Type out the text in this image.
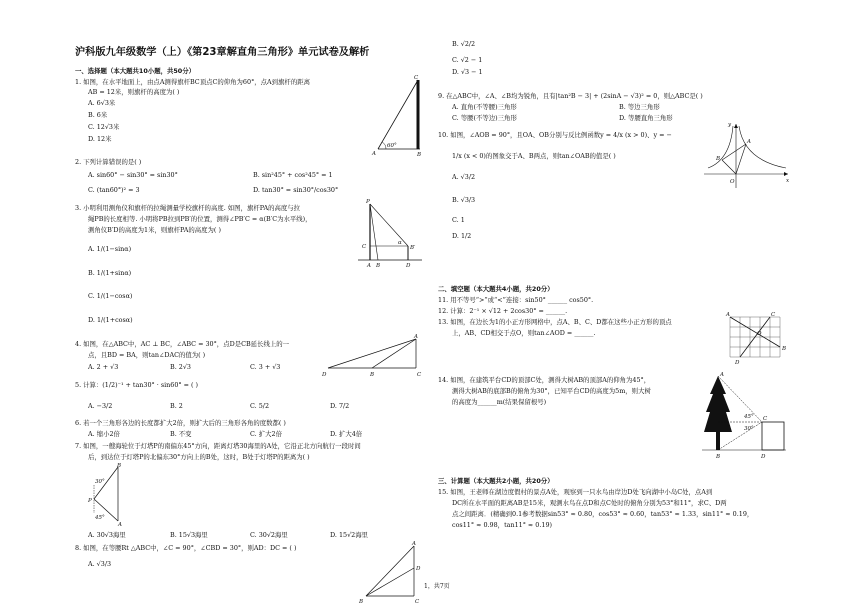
沪科版九年级数学（上）《第23章解直角三角形》单元试卷及解析
一、选择题（本大题共10小题，共50分）
1. 如图，在水平地面上，由点A测得旗杆BC顶点C的仰角为60°，点A到旗杆的距离
AB = 12米，则旗杆的高度为( )
A. 6√3米
B. 6米
C. 12√3米
D. 12米
C
A	B
60°
2. 下列计算错误的是( )
A. sin60° − sin30° = sin30°	B. sin²45° + cos²45° = 1
C. (tan60°)² = 3	D. tan30° = sin30°/cos30°
3. 小明利用测角仪和旗杆的拉绳测量学校旗杆的高度. 如图，旗杆PA的高度与拉
绳PB的长度相等. 小明将PB拉到PB′的位置，测得∠PB′C = α(B′C为水平线)，
测角仪B′D的高度为1米，则旗杆PA的高度为( )
A. 1/(1−sinα)
B. 1/(1+sinα)
C. 1/(1−cosα)
D. 1/(1+cosα)
P
C	B′
A B	D
α
4. 如图，在△ABC中，AC ⊥ BC，∠ABC = 30°，点D是CB延长线上的一
点，且BD = BA，则tan∠DAC的值为( )
A. 2 + √3	B. 2√3	C. 3 + √3
A
D	B	C
5. 计算：(1/2)⁻¹ + tan30° · sin60° = ( )
A. −3/2	B. 2	C. 5/2	D. 7/2
6. 若一个三角形各边的长度都扩大2倍，则扩大后的三角形各角的度数都( )
A. 缩小2倍	B. 不变	C. 扩大2倍	D. 扩大4倍
7. 如图，一艘海轮位于灯塔P的南偏东45°方向，距离灯塔30海里的A处，它沿正北方向航行一段时间
后，到达位于灯塔P的北偏东30°方向上的B处，这时，B处于灯塔P的距离为( )
B
P
A
30°
45°
A. 30√3海里	B. 15√3海里	C. 30√2海里	D. 15√2海里
8. 如图，在等腰Rt △ABC中，∠C = 90°，∠CBD = 30°，则AD：DC = ( )
A. √3/3
A
D
B	C
B. √2/2
C. √2 − 1
D. √3 − 1
9. 在△ABC中，∠A、∠B均为锐角，且有|tan²B − 3| + (2sinA − √3)² = 0，则△ABC是( )
A. 直角(不等腰)三角形	B. 等边三角形
C. 等腰(不等边)三角形	D. 等腰直角三角形
10. 如图，∠AOB = 90°，且OA、OB分别与反比例函数y = 4/x (x > 0)、y = −
1/x (x < 0)的图象交于A、B两点，则tan∠OAB的值是( )
A. √3/2
B. √3/3
C. 1
D. 1/2
y
x
O
A
B
二、填空题（本大题共4小题，共20分）
11. 用不等号“>”或“<”连接：sin50° ______ cos50°.
12. 计算：2⁻¹ × √12 + 2cos30° = ______.
13. 如图，在边长为1的小正方形网格中，点A、B、C、D都在这些小正方形的顶点
上，AB、CD相交于点O，则tan∠AOD = ______.
A
B
C
D
O
14. 如图，在建筑平台CD的顶部C处，测得大树AB的顶部A的仰角为45°，
测得大树AB的底部B的俯角为30°，已知平台CD的高度为5m，则大树
的高度为______m(结果保留根号)
A
B
C
D
45°
30°
三、计算题（本大题共2小题，共20分）
15. 如图，王老师在湖边度假村的景点A处，观察到一只水鸟由岸边D处飞向湖中小岛C处，点A到
DC所在水平面的距离AB是15米，观测水鸟在点D和点C处时的俯角分别为53°和11°，求C、D两
点之间距离．(精确到0.1参考数据sin53° ≈ 0.80，cos53° ≈ 0.60，tan53° ≈ 1.33，sin11° ≈ 0.19，
cos11° ≈ 0.98，tan11° ≈ 0.19)
1，共7页
